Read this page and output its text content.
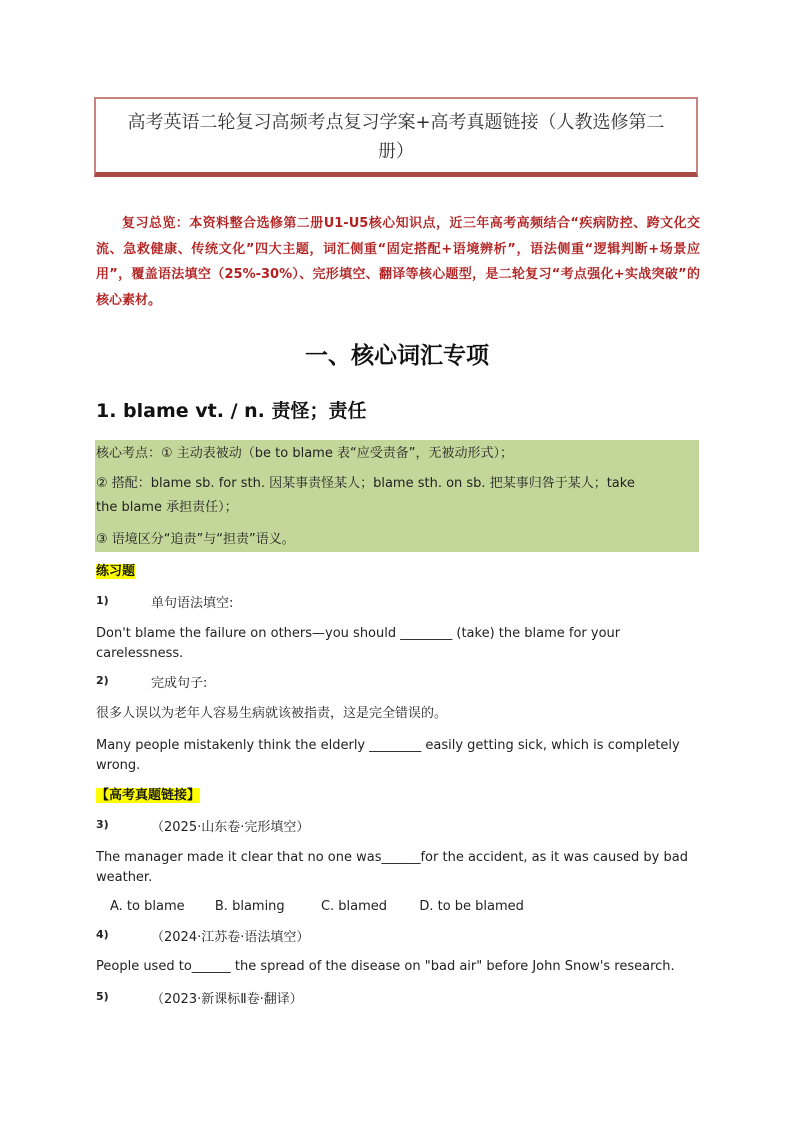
高考英语二轮复习高频考点复习学案+高考真题链接（人教选修第二册）
复习总览：本资料整合选修第二册U1-U5核心知识点，近三年高考高频结合“疾病防控、跨文化交流、急救健康、传统文化”四大主题，词汇侧重“固定搭配+语境辨析”，语法侧重“逻辑判断+场景应用”，覆盖语法填空（25%-30%）、完形填空、翻译等核心题型，是二轮复习“考点强化+实战突破”的核心素材。
一、核心词汇专项
1. blame vt. / n. 责怪；责任
核心考点：① 主动表被动（be to blame 表“应受责备”，无被动形式）；
② 搭配：blame sb. for sth. 因某事责怪某人；blame sth. on sb. 把某事归咎于某人；take
the blame 承担责任）；
③ 语境区分“追责”与“担责”语义。
练习题
1)	单句语法填空:
Don't blame the failure on others—you should ________ (take) the blame for your carelessness.
2)	完成句子:
很多人误以为老年人容易生病就该被指责，这是完全错误的。
Many people mistakenly think the elderly ________ easily getting sick, which is completely wrong.
【高考真题链接】
3)	（2025·山东卷·完形填空）
The manager made it clear that no one was______for the accident, as it was caused by bad weather.
A. to blame B. blaming	C. blamed D. to be blamed
4)	（2024·江苏卷·语法填空）
People used to______ the spread of the disease on "bad air" before John Snow's research.
5)	（2023·新课标Ⅱ卷·翻译）
